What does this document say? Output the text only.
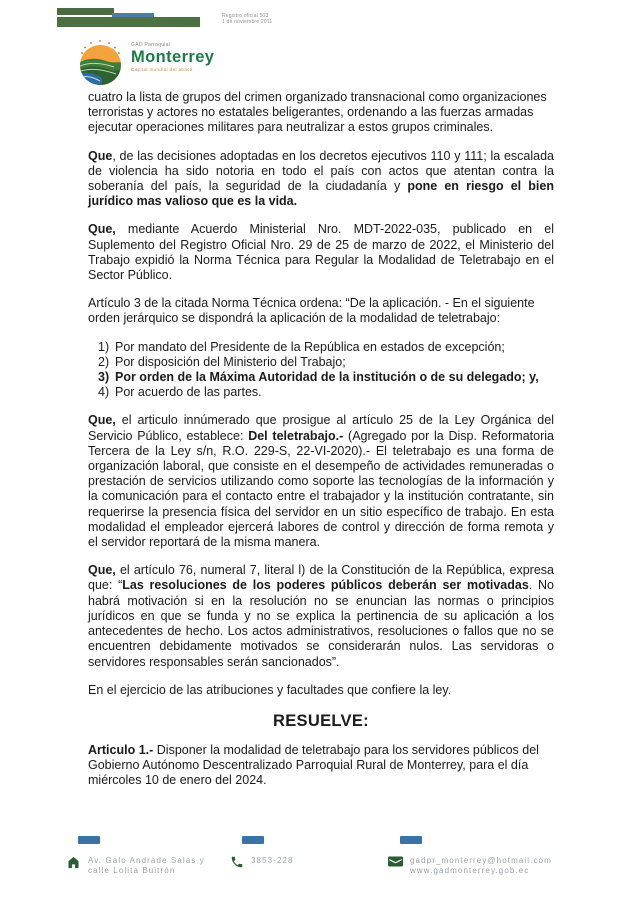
Registro oficial 503
1 de noviembre 2011
GAD Parroquial
Monterrey
Capital mundial del abacá
cuatro la lista de grupos del crimen organizado transnacional como organizaciones terroristas y actores no estatales beligerantes, ordenando a las fuerzas armadas ejecutar operaciones militares para neutralizar a estos grupos criminales.
Que, de las decisiones adoptadas en los decretos ejecutivos 110 y 111; la escalada de violencia ha sido notoria en todo el país con actos que atentan contra la soberanía del país, la seguridad de la ciudadanía y pone en riesgo el bien jurídico mas valioso que es la vida.
Que, mediante Acuerdo Ministerial Nro. MDT-2022-035, publicado en el Suplemento del Registro Oficial Nro. 29 de 25 de marzo de 2022, el Ministerio del Trabajo expidió la Norma Técnica para Regular la Modalidad de Teletrabajo en el Sector Público.
Artículo 3 de la citada Norma Técnica ordena: “De la aplicación. - En el siguiente orden jerárquico se dispondrá la aplicación de la modalidad de teletrabajo:
1) Por mandato del Presidente de la República en estados de excepción;
2) Por disposición del Ministerio del Trabajo;
3) Por orden de la Máxima Autoridad de la institución o de su delegado; y,
4) Por acuerdo de las partes.
Que, el articulo innúmerado que prosigue al artículo 25 de la Ley Orgánica del Servicio Público, establece: Del teletrabajo.- (Agregado por la Disp. Reformatoria Tercera de la Ley s/n, R.O. 229-S, 22-VI-2020).- El teletrabajo es una forma de organización laboral, que consiste en el desempeño de actividades remuneradas o prestación de servicios utilizando como soporte las tecnologías de la información y la comunicación para el contacto entre el trabajador y la institución contratante, sin requerirse la presencia física del servidor en un sitio específico de trabajo. En esta modalidad el empleador ejercerá labores de control y dirección de forma remota y el servidor reportará de la misma manera.
Que, el artículo 76, numeral 7, literal l) de la Constitución de la República, expresa que: “Las resoluciones de los poderes públicos deberán ser motivadas. No habrá motivación si en la resolución no se enuncian las normas o principios jurídicos en que se funda y no se explica la pertinencia de su aplicación a los antecedentes de hecho. Los actos administrativos, resoluciones o fallos que no se encuentren debidamente motivados se considerarán nulos. Las servidoras o servidores responsables serán sancionados”.
En el ejercicio de las atribuciones y facultades que confiere la ley.
RESUELVE:
Articulo 1.- Disponer la modalidad de teletrabajo para los servidores públicos del Gobierno Autónomo Descentralizado Parroquial Rural de Monterrey, para el día miércoles 10 de enero del 2024.
Av. Galo Andrade Salas y
calle Lolita Buitrón
3853-228	gadpr_monterrey@hotmail.com
www.gadmonterrey.gob.ec
